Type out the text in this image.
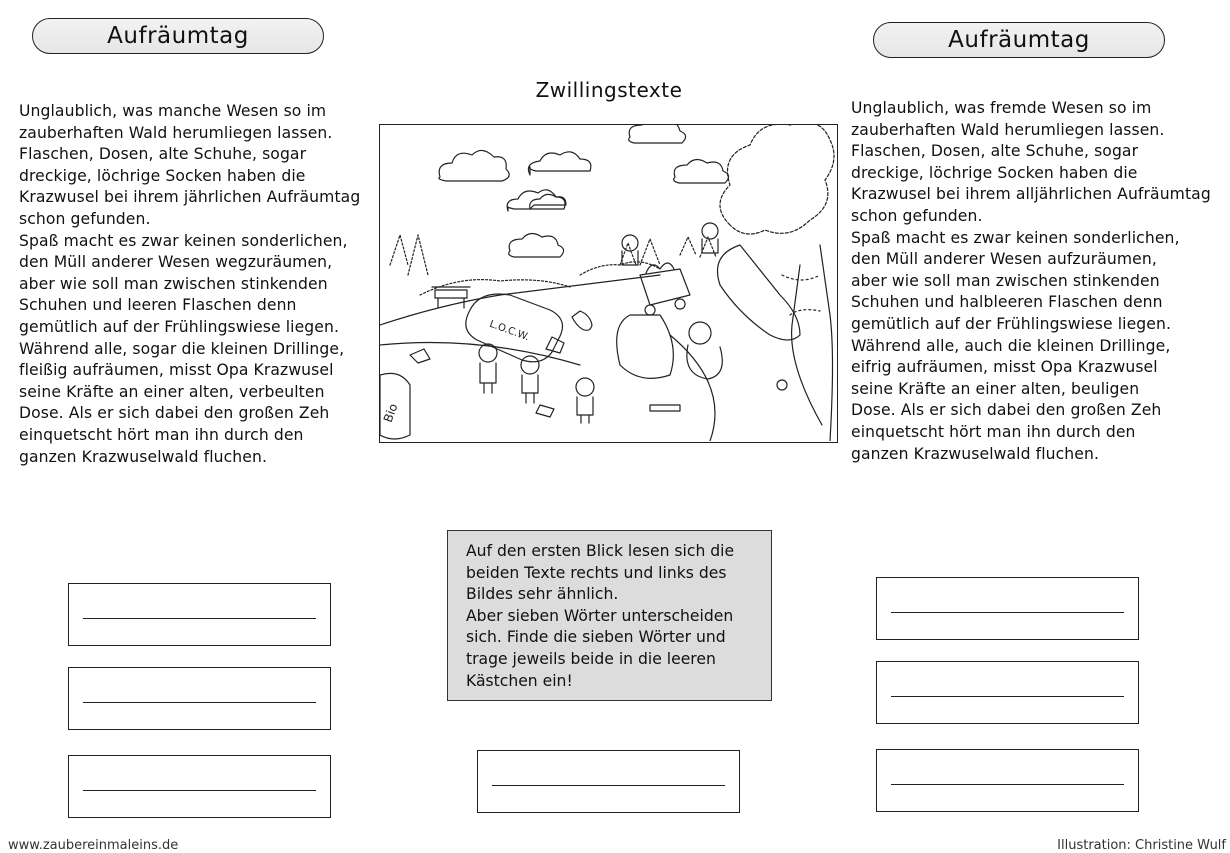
Aufräumtag	Aufräumtag
Zwillingstexte
Unglaublich, was manche Wesen so im
zauberhaften Wald herumliegen lassen.
Flaschen, Dosen, alte Schuhe, sogar
dreckige, löchrige Socken haben die
Krazwusel bei ihrem jährlichen Aufräumtag
schon gefunden.
Spaß macht es zwar keinen sonderlichen,
den Müll anderer Wesen wegzuräumen,
aber wie soll man zwischen stinkenden
Schuhen und leeren Flaschen denn
gemütlich auf der Frühlingswiese liegen.
Während alle, sogar die kleinen Drillinge,
fleißig aufräumen, misst Opa Krazwusel
seine Kräfte an einer alten, verbeulten
Dose. Als er sich dabei den großen Zeh
einquetscht hört man ihn durch den
ganzen Krazwuselwald fluchen.
Unglaublich, was fremde Wesen so im
zauberhaften Wald herumliegen lassen.
Flaschen, Dosen, alte Schuhe, sogar
dreckige, löchrige Socken haben die
Krazwusel bei ihrem alljährlichen Aufräumtag
schon gefunden.
Spaß macht es zwar keinen sonderlichen,
den Müll anderer Wesen aufzuräumen,
aber wie soll man zwischen stinkenden
Schuhen und halbleeren Flaschen denn
gemütlich auf der Frühlingswiese liegen.
Während alle, auch die kleinen Drillinge,
eifrig aufräumen, misst Opa Krazwusel
seine Kräfte an einer alten, beuligen
Dose. Als er sich dabei den großen Zeh
einquetscht hört man ihn durch den
ganzen Krazwuselwald fluchen.
L.O.C.W.
Bio
Auf den ersten Blick lesen sich die
beiden Texte rechts und links des
Bildes sehr ähnlich.
Aber sieben Wörter unterscheiden
sich. Finde die sieben Wörter und
trage jeweils beide in die leeren
Kästchen ein!
www.zaubereinmaleins.de	Illustration: Christine Wulf
